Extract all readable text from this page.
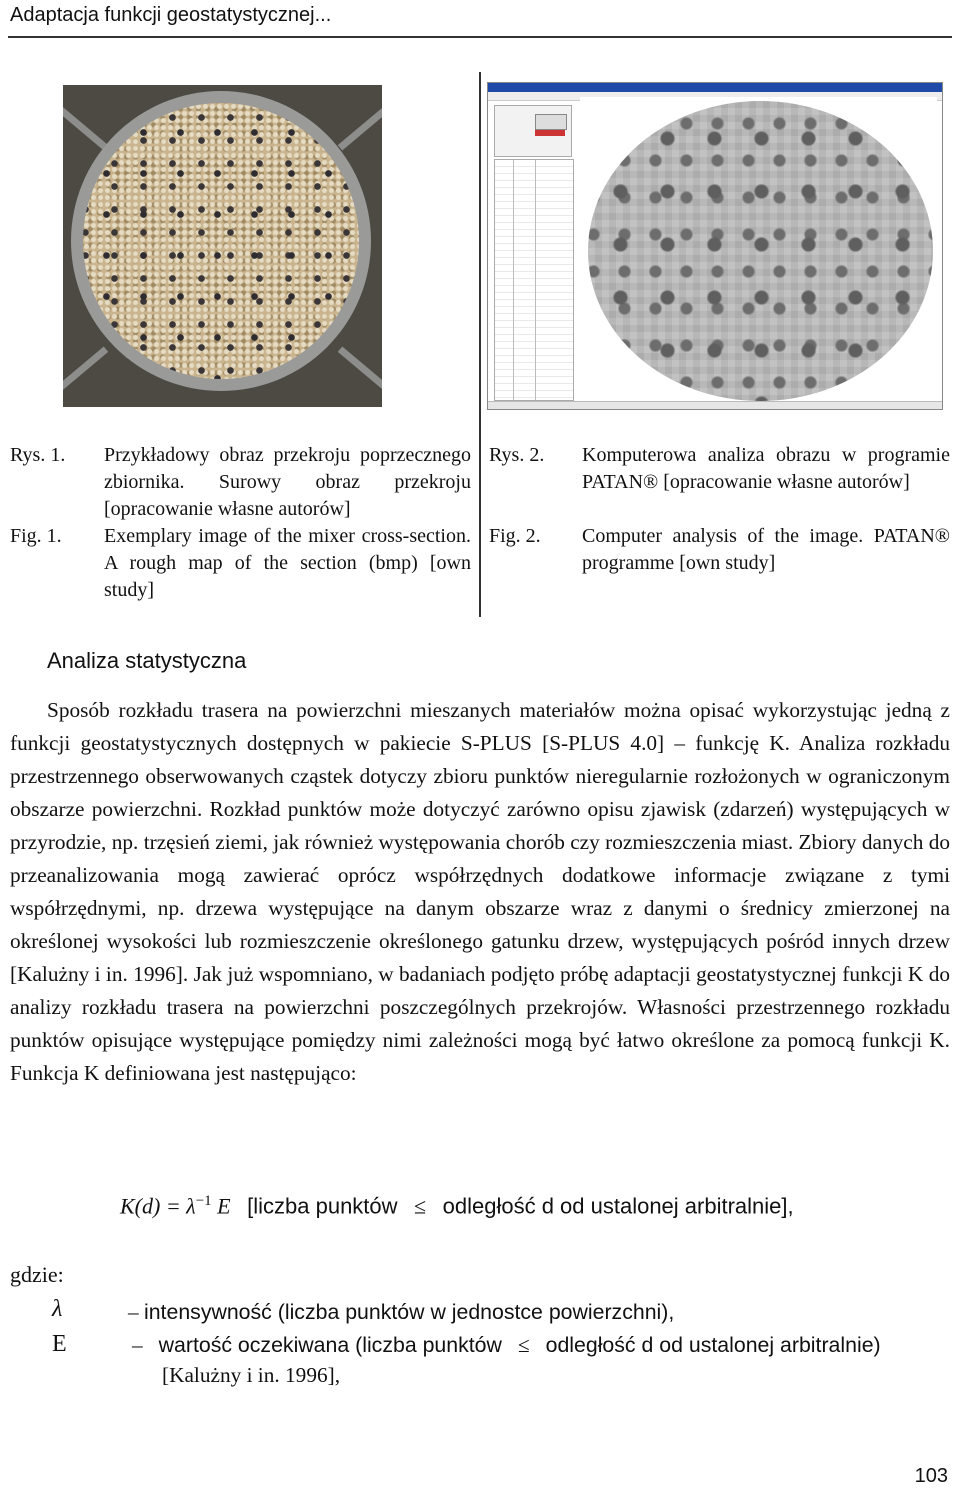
Adaptacja funkcji geostatystycznej...
Rys. 1.
Fig. 1.
Przykładowy obraz przekroju poprzecznego zbiornika. Surowy obraz przekroju [opracowanie własne autorów]
Exemplary image of the mixer cross-section. A rough map of the section (bmp) [own study]
Rys. 2.
Fig. 2.
Komputerowa analiza obrazu w programie PATAN® [opracowanie własne autorów]
Computer analysis of the image. PATAN® programme [own study]
Analiza statystyczna
Sposób rozkładu trasera na powierzchni mieszanych materiałów można opisać wykorzystując jedną z funkcji geostatystycznych dostępnych w pakiecie S-PLUS [S-PLUS 4.0] – funkcję K. Analiza rozkładu przestrzennego obserwowanych cząstek dotyczy zbioru punktów nieregularnie rozłożonych w ograniczonym obszarze powierzchni. Rozkład punktów może dotyczyć zarówno opisu zjawisk (zdarzeń) występujących w przyrodzie, np. trzęsień ziemi, jak również występowania chorób czy rozmieszczenia miast. Zbiory danych do przeanalizowania mogą zawierać oprócz współrzędnych dodatkowe informacje związane z tymi współrzędnymi, np. drzewa występujące na danym obszarze wraz z danymi o średnicy zmierzonej na określonej wysokości lub rozmieszczenie określonego gatunku drzew, występujących pośród innych drzew [Kalużny i in. 1996]. Jak już wspomniano, w badaniach podjęto próbę adaptacji geostatystycznej funkcji K do analizy rozkładu trasera na powierzchni poszczególnych przekrojów. Własności przestrzennego rozkładu punktów opisujące występujące pomiędzy nimi zależności mogą być łatwo określone za pomocą funkcji K. Funkcja K definiowana jest następująco:
$K(d) = \lambda^{-1}$ E [liczba punktów ≤ odległość d od ustalonej arbitralnie],
gdzie:
λ	– intensywność (liczba punktów w jednostce powierzchni),
E	– wartość oczekiwana (liczba punktów ≤ odległość d od ustalonej arbitralnie)
[Kalużny i in. 1996],
103
